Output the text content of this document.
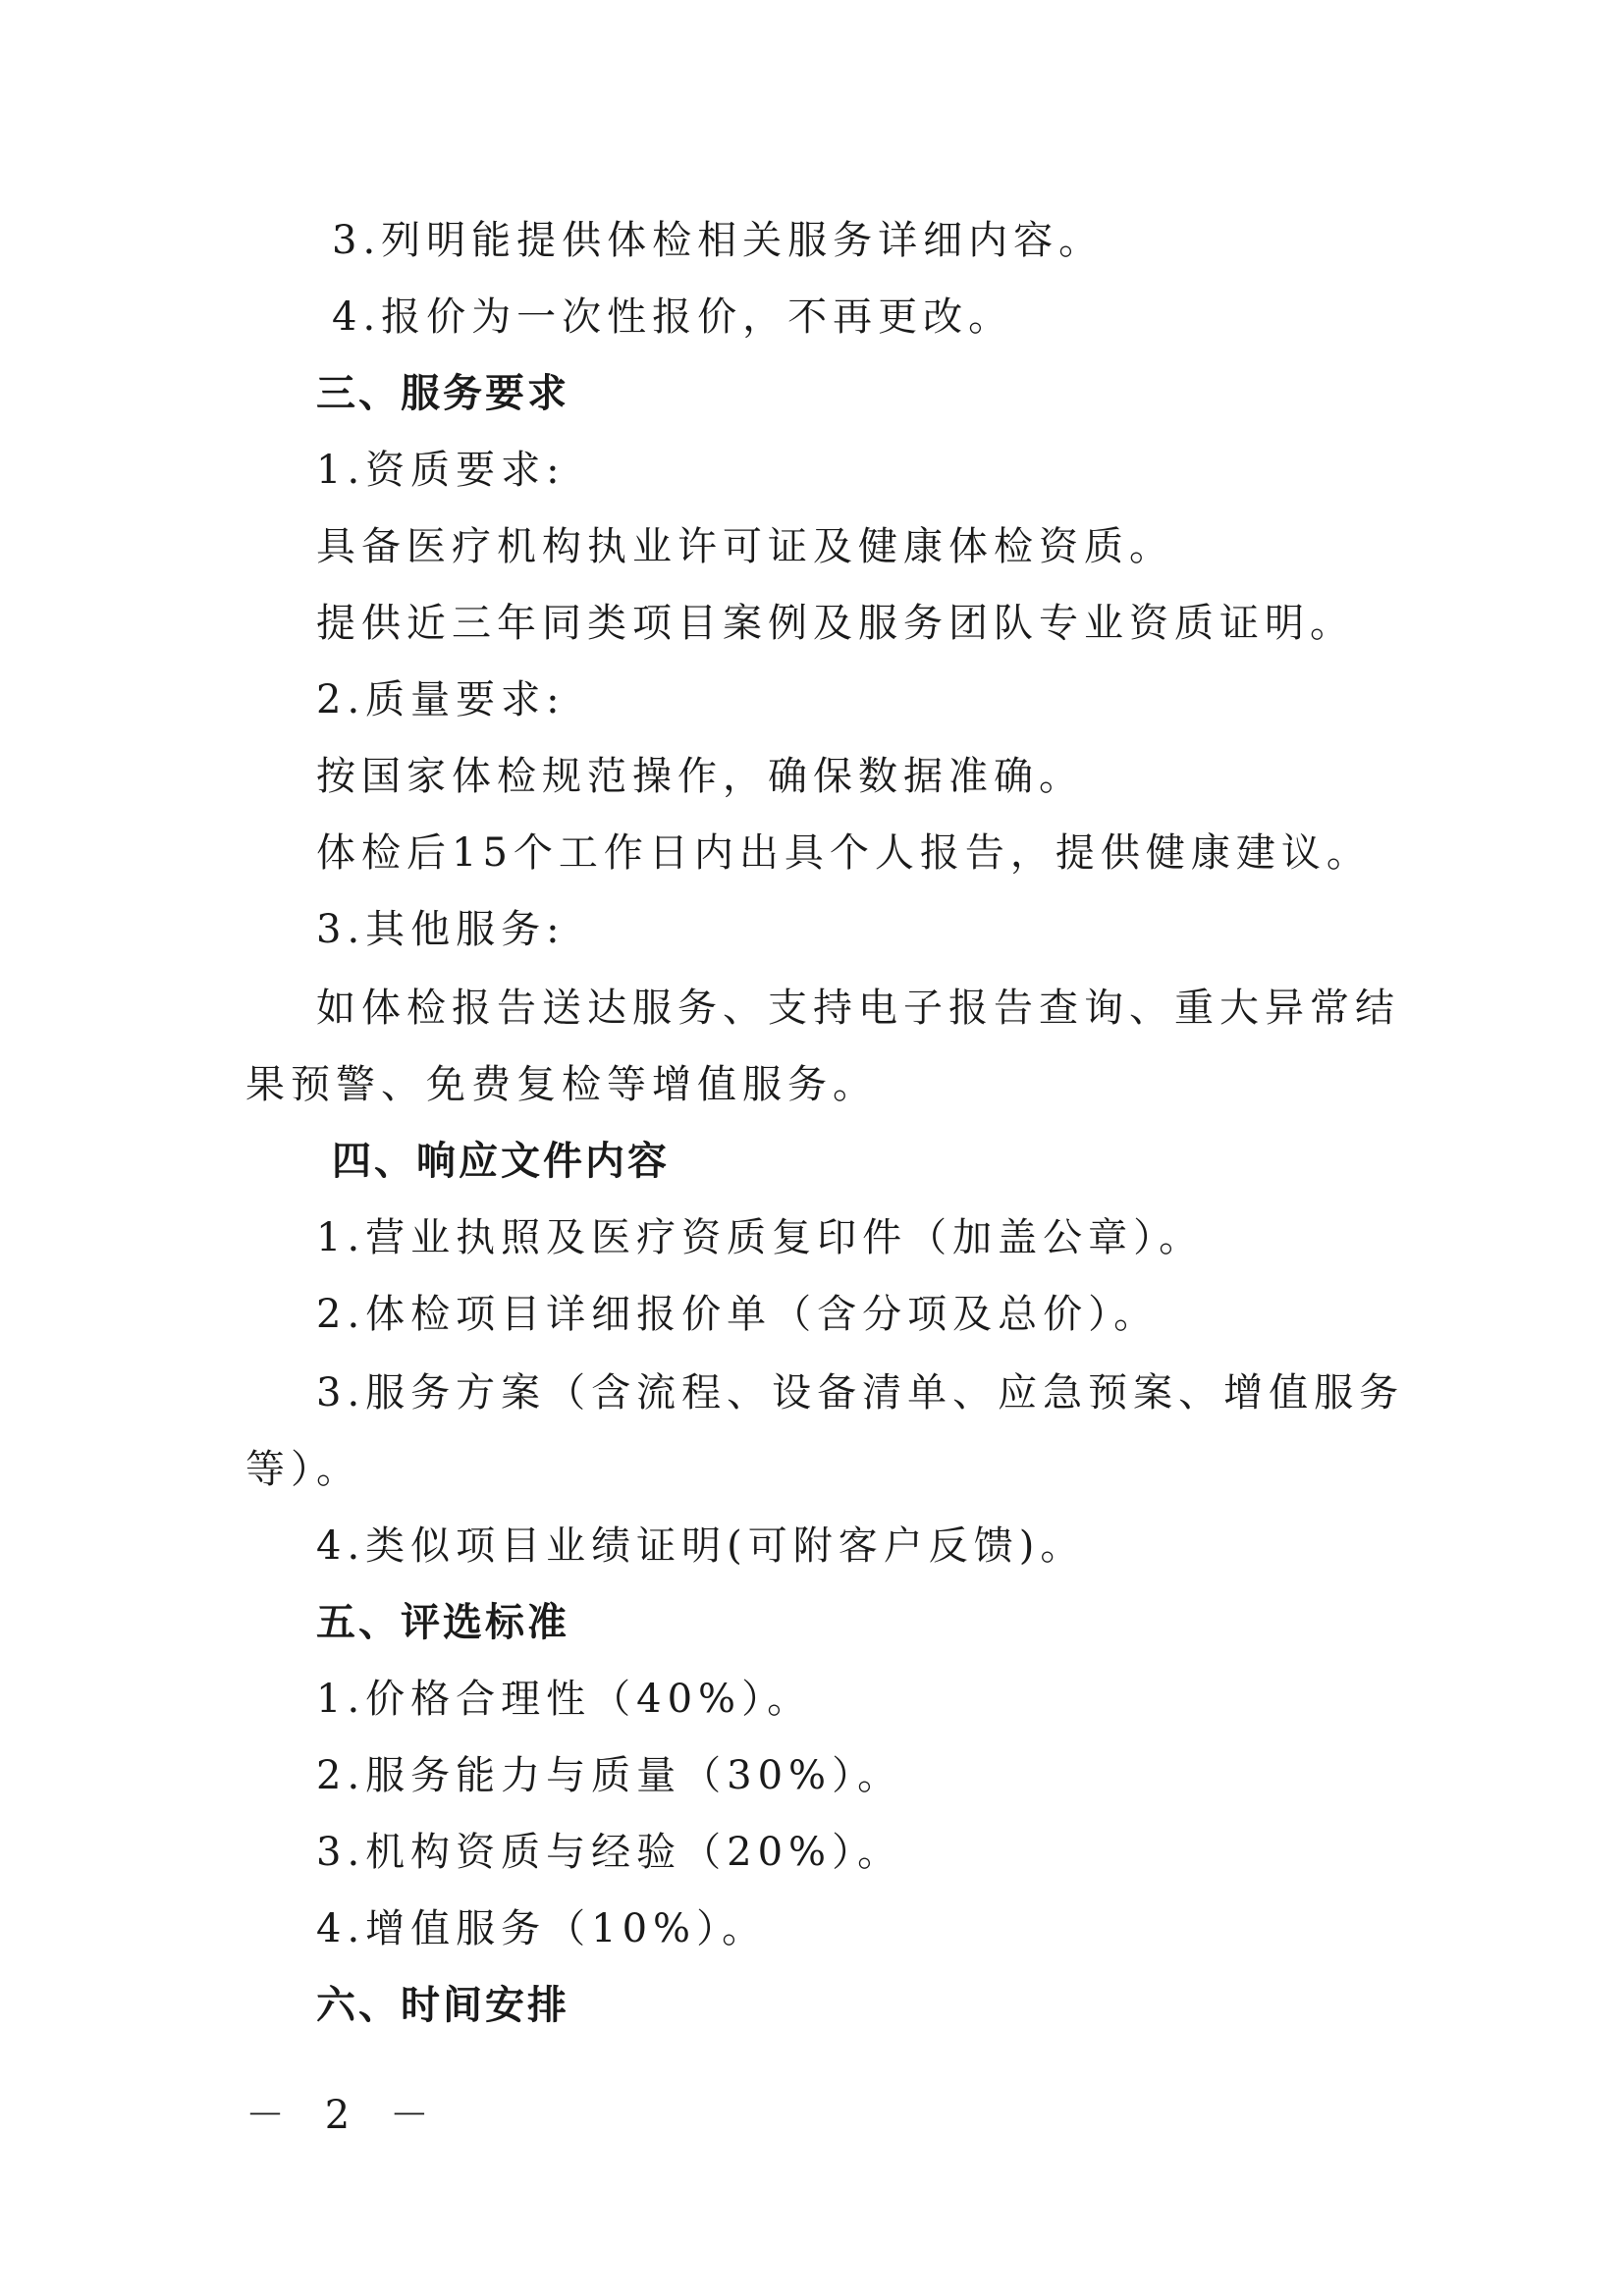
3.列明能提供体检相关服务详细内容。
4.报价为一次性报价，不再更改。
三、服务要求
1.资质要求:
具备医疗机构执业许可证及健康体检资质。
提供近三年同类项目案例及服务团队专业资质证明。
2.质量要求:
按国家体检规范操作，确保数据准确。
体检后15个工作日内出具个人报告，提供健康建议。
3.其他服务:
如体检报告送达服务、支持电子报告查询、重大异常结
果预警、免费复检等增值服务。
四、响应文件内容
1.营业执照及医疗资质复印件（加盖公章）。
2.体检项目详细报价单（含分项及总价）。
3.服务方案（含流程、设备清单、应急预案、增值服务
等）。
4.类似项目业绩证明(可附客户反馈)。
五、评选标准
1.价格合理性（40%）。
2.服务能力与质量（30%）。
3.机构资质与经验（20%）。
4.增值服务（10%）。
六、时间安排
－ 2 －
